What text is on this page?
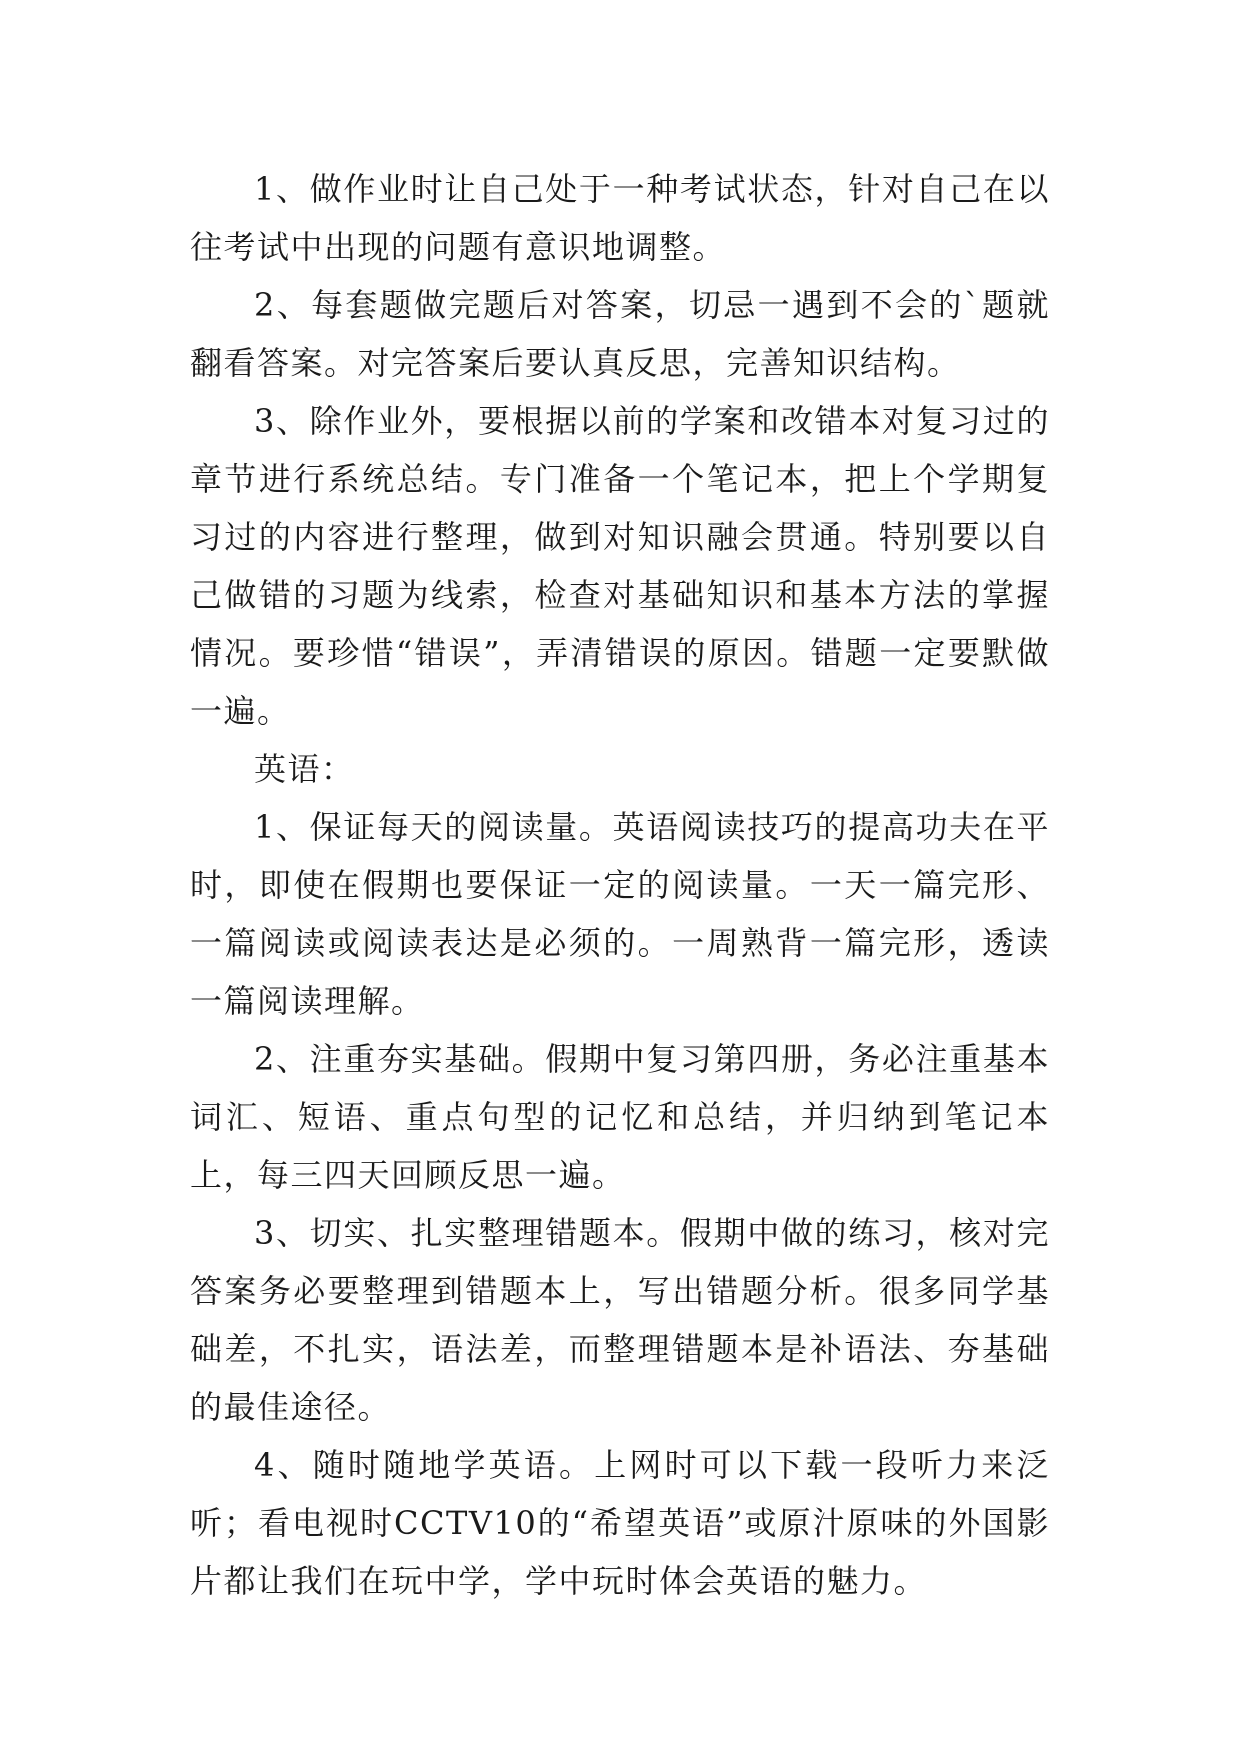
1、做作业时让自己处于一种考试状态，针对自己在以往考试中出现的问题有意识地调整。

2、每套题做完题后对答案，切忌一遇到不会的`题就翻看答案。对完答案后要认真反思，完善知识结构。

3、除作业外，要根据以前的学案和改错本对复习过的章节进行系统总结。专门准备一个笔记本，把上个学期复习过的内容进行整理，做到对知识融会贯通。特别要以自己做错的习题为线索，检查对基础知识和基本方法的掌握情况。要珍惜“错误”，弄清错误的原因。错题一定要默做一遍。

英语：

1、保证每天的阅读量。英语阅读技巧的提高功夫在平时，即使在假期也要保证一定的阅读量。一天一篇完形、一篇阅读或阅读表达是必须的。一周熟背一篇完形，透读一篇阅读理解。

2、注重夯实基础。假期中复习第四册，务必注重基本词汇、短语、重点句型的记忆和总结，并归纳到笔记本上，每三四天回顾反思一遍。

3、切实、扎实整理错题本。假期中做的练习，核对完答案务必要整理到错题本上，写出错题分析。很多同学基础差，不扎实，语法差，而整理错题本是补语法、夯基础的最佳途径。

4、随时随地学英语。上网时可以下载一段听力来泛听；看电视时CCTV10的“希望英语”或原汁原味的外国影片都让我们在玩中学，学中玩时体会英语的魅力。
